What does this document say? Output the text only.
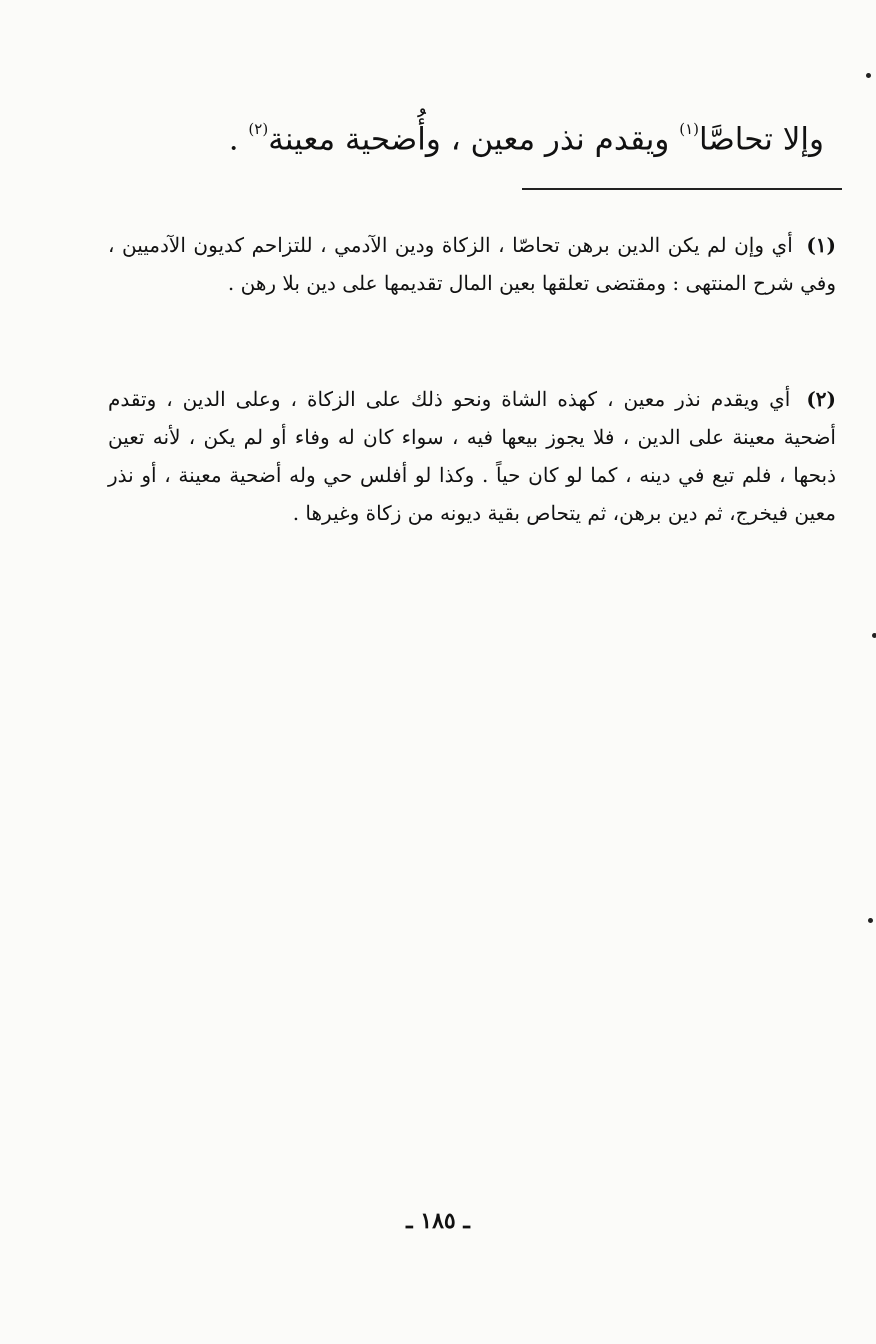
وإلا تحاصَّا$^{(١)}$ ويقدم نذر معين ، وأُضحية معينة$^{(٢)}$ .
(١) أي وإن لم يكن الدين برهن تحاصّا ، الزكاة ودين الآدمي ، للتزاحم كديون الآدميين ، وفي شرح المنتهى : ومقتضى تعلقها بعين المال تقديمها على دين بلا رهن .
(٢) أي ويقدم نذر معين ، كهذه الشاة ونحو ذلك على الزكاة ، وعلى الدين ، وتقدم أضحية معينة على الدين ، فلا يجوز بيعها فيه ، سواء كان له وفاء أو لم يكن ، لأنه تعين ذبحها ، فلم تبع في دينه ، كما لو كان حياً . وكذا لو أفلس حي وله أضحية معينة ، أو نذر معين فيخرج، ثم دين برهن، ثم يتحاص بقية ديونه من زكاة وغيرها .
ـ ١٨٥ ـ
